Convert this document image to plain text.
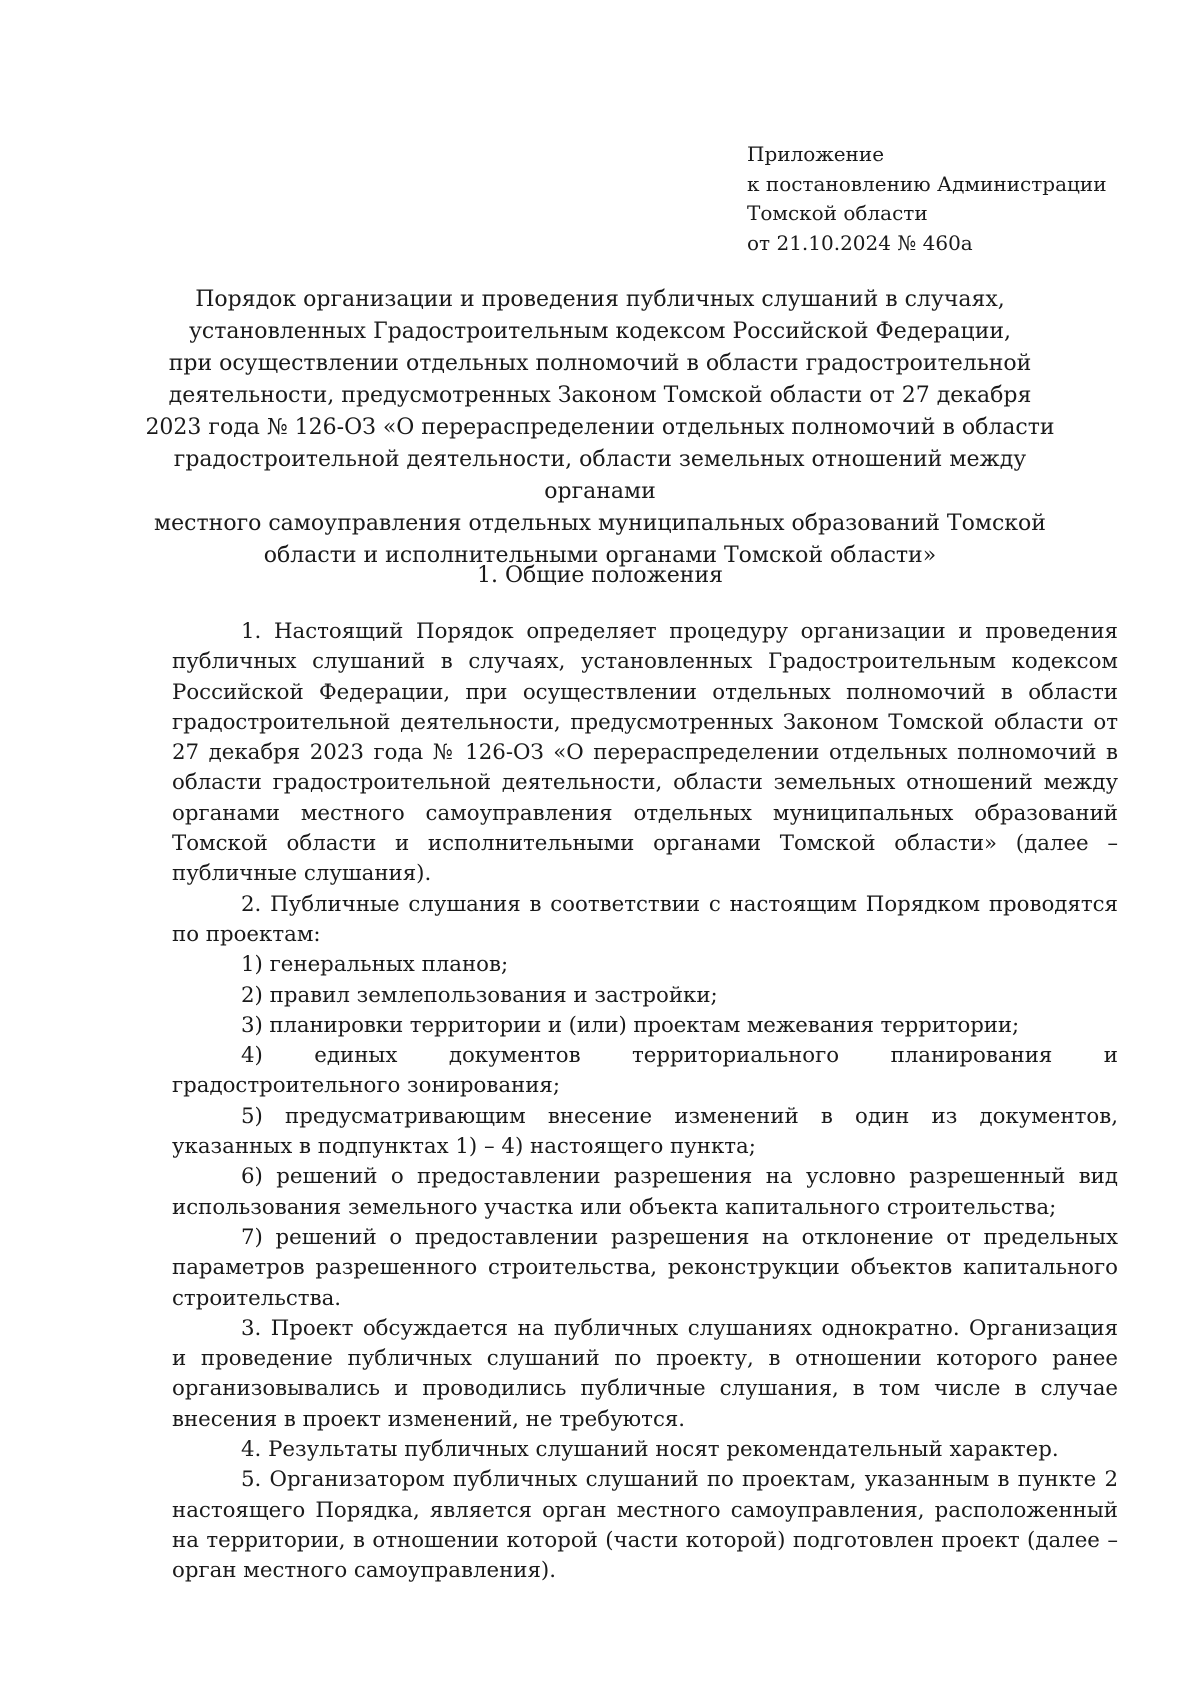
Приложение
к постановлению Администрации
Томской области
от 21.10.2024 № 460а
Порядок организации и проведения публичных слушаний в случаях,
установленных Градостроительным кодексом Российской Федерации,
при осуществлении отдельных полномочий в области градостроительной
деятельности, предусмотренных Законом Томской области от 27 декабря
2023 года № 126-ОЗ «О перераспределении отдельных полномочий в области
градостроительной деятельности, области земельных отношений между органами
местного самоуправления отдельных муниципальных образований Томской
области и исполнительными органами Томской области»
1. Общие положения

1. Настоящий Порядок определяет процедуру организации и проведения публичных слушаний в случаях, установленных Градостроительным кодексом Российской Федерации, при осуществлении отдельных полномочий в области градостроительной деятельности, предусмотренных Законом Томской области от 27 декабря 2023 года № 126-ОЗ «О перераспределении отдельных полномочий в области градостроительной деятельности, области земельных отношений между органами местного самоуправления отдельных муниципальных образований Томской области и исполнительными органами Томской области» (далее – публичные слушания).

2. Публичные слушания в соответствии с настоящим Порядком проводятся по проектам:

1) генеральных планов;

2) правил землепользования и застройки;

3) планировки территории и (или) проектам межевания территории;

4) единых документов территориального планирования и градостроительного зонирования;

5) предусматривающим внесение изменений в один из документов, указанных в подпунктах 1) – 4) настоящего пункта;

6) решений о предоставлении разрешения на условно разрешенный вид использования земельного участка или объекта капитального строительства;

7) решений о предоставлении разрешения на отклонение от предельных параметров разрешенного строительства, реконструкции объектов капитального строительства.

3. Проект обсуждается на публичных слушаниях однократно. Организация и проведение публичных слушаний по проекту, в отношении которого ранее организовывались и проводились публичные слушания, в том числе в случае внесения в проект изменений, не требуются.

4. Результаты публичных слушаний носят рекомендательный характер.

5. Организатором публичных слушаний по проектам, указанным в пункте 2 настоящего Порядка, является орган местного самоуправления, расположенный на территории, в отношении которой (части которой) подготовлен проект (далее – орган местного самоуправления).
